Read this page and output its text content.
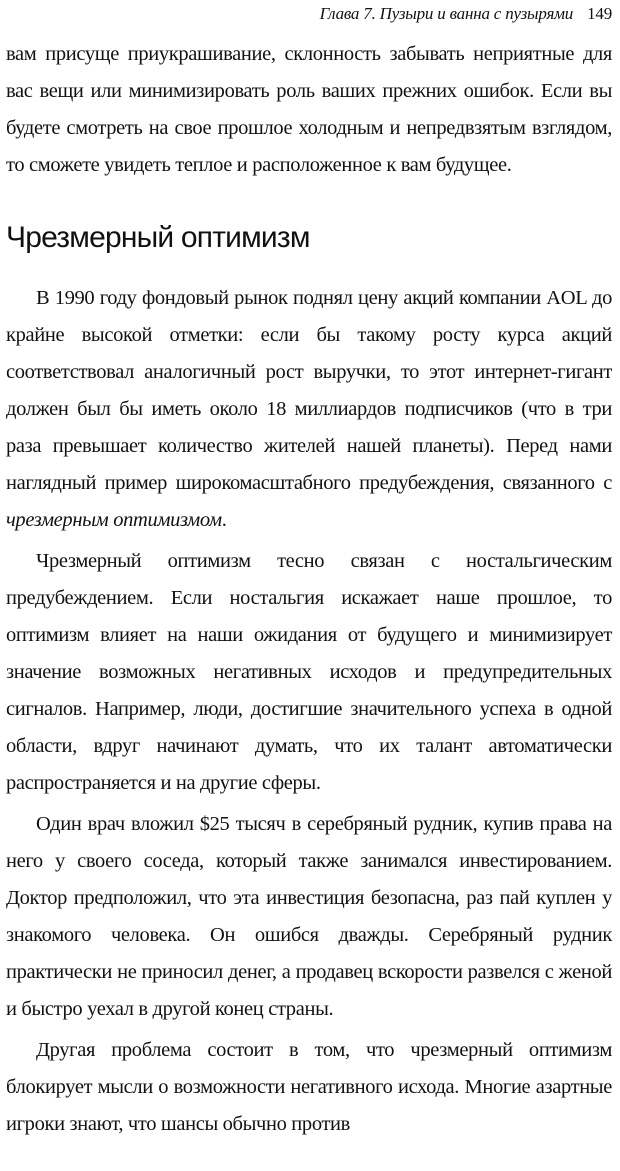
Глава 7. Пузыри и ванна с пузырями 149

вам присуще приукрашивание, склонность забывать неприятные для вас вещи или минимизировать роль ваших прежних ошибок. Если вы будете смотреть на свое прошлое холодным и непредвзятым взглядом, то сможете увидеть теплое и расположенное к вам будущее.

Чрезмерный оптимизм

В 1990 году фондовый рынок поднял цену акций компании AOL до крайне высокой отметки: если бы такому росту курса акций соответствовал аналогичный рост выручки, то этот интернет-гигант должен был бы иметь около 18 миллиардов подписчиков (что в три раза превышает количество жителей нашей планеты). Перед нами наглядный пример широкомасштабного предубеждения, связанного с чрезмерным оптимизмом.

Чрезмерный оптимизм тесно связан с ностальгическим предубеждением. Если ностальгия искажает наше прошлое, то оптимизм влияет на наши ожидания от будущего и минимизирует значение возможных негативных исходов и предупредительных сигналов. Например, люди, достигшие значительного успеха в одной области, вдруг начинают думать, что их талант автоматически распространяется и на другие сферы.

Один врач вложил $25 тысяч в серебряный рудник, купив права на него у своего соседа, который также занимался инвестированием. Доктор предположил, что эта инвестиция безопасна, раз пай куплен у знакомого человека. Он ошибся дважды. Серебряный рудник практически не приносил денег, а продавец вскорости развелся с женой и быстро уехал в другой конец страны.

Другая проблема состоит в том, что чрезмерный оптимизм блокирует мысли о возможности негативного исхода. Многие азартные игроки знают, что шансы обычно против
